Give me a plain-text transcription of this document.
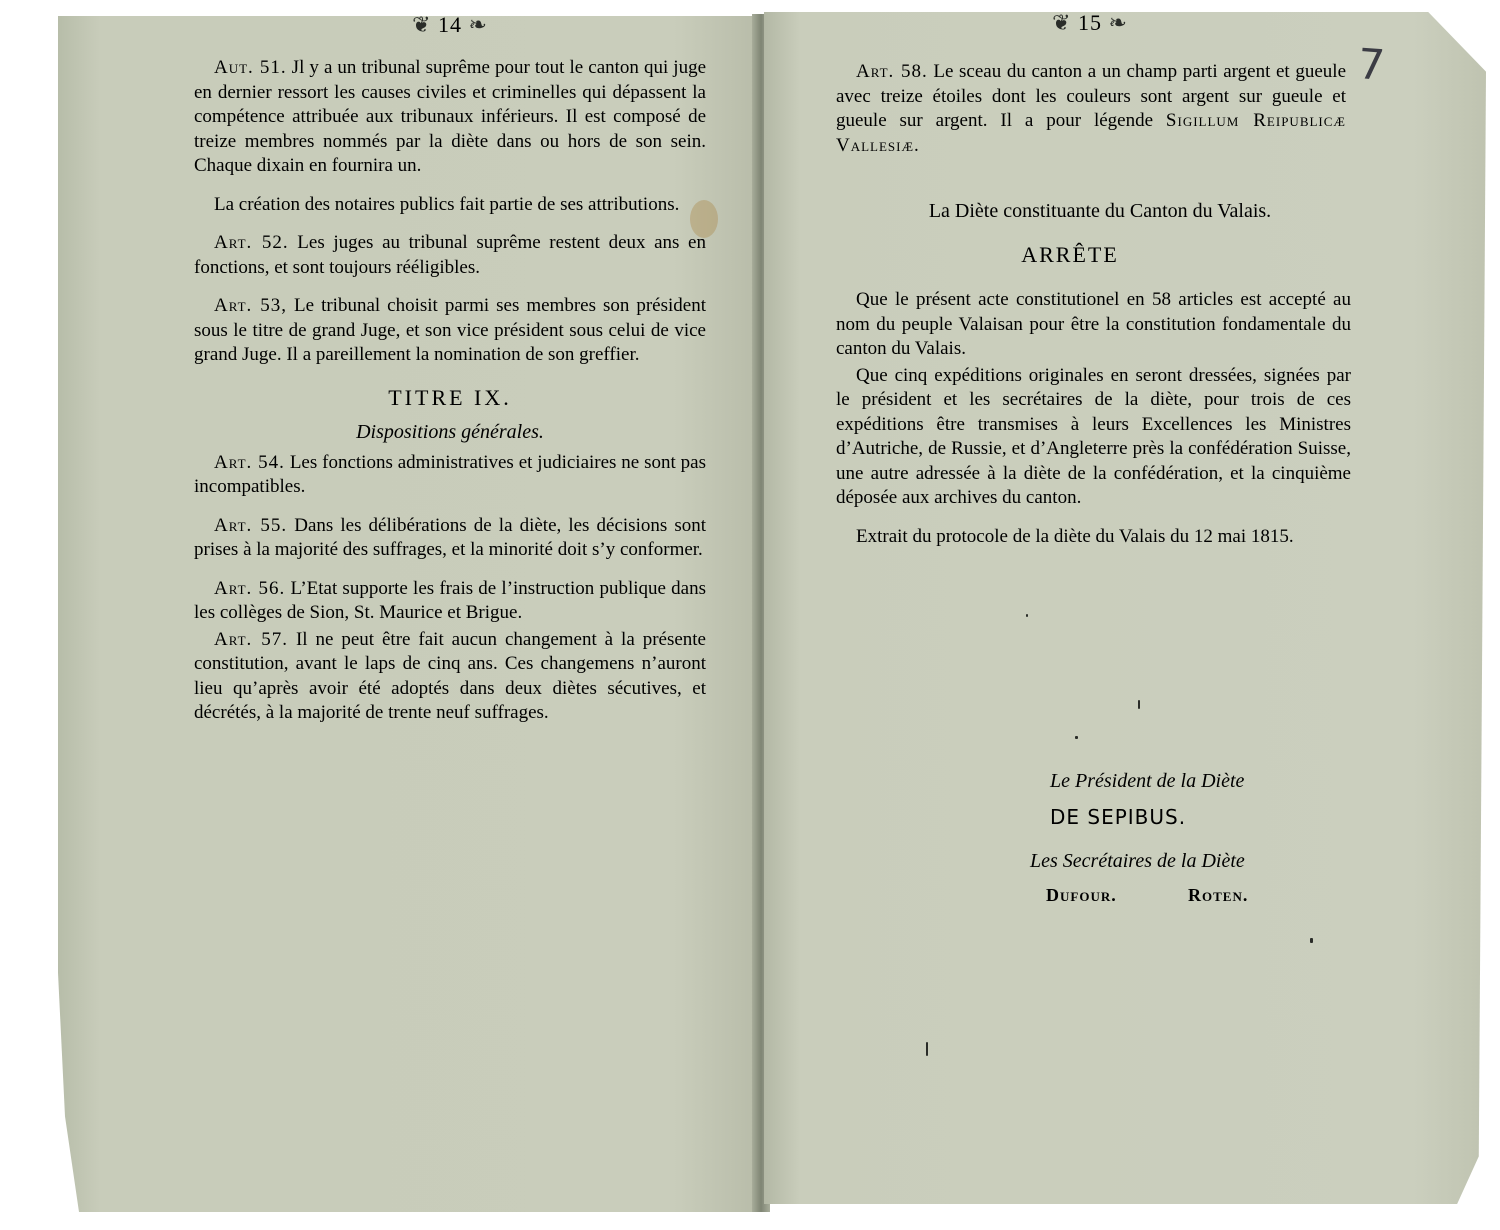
❦ 14 ❧

Aut. 51. Jl y a un tribunal suprême pour tout le canton qui juge en dernier ressort les causes civiles et criminelles qui dépassent la compétence attribuée aux tribunaux inférieurs. Il est composé de treize membres nommés par la diète dans ou hors de son sein. Chaque dixain en fournira un.

La création des notaires publics fait partie de ses attributions.

Art. 52. Les juges au tribunal suprême restent deux ans en fonctions, et sont toujours rééligibles.

Art. 53, Le tribunal choisit parmi ses membres son président sous le titre de grand Juge, et son vice président sous celui de vice grand Juge. Il a pareillement la nomination de son greffier.

TITRE IX.
Dispositions générales.

Art. 54. Les fonctions administratives et judiciaires ne sont pas incompatibles.

Art. 55. Dans les délibérations de la diète, les décisions sont prises à la majorité des suffrages, et la minorité doit s’y conformer.

Art. 56. L’Etat supporte les frais de l’instruction publique dans les collèges de Sion, St. Maurice et Brigue.

Art. 57. Il ne peut être fait aucun changement à la présente constitution, avant le laps de cinq ans. Ces changemens n’auront lieu qu’après avoir été adoptés dans deux diètes sécutives, et décrétés, à la majorité de trente neuf suffrages.

❦ 15 ❧
7

Art. 58. Le sceau du canton a un champ parti argent et gueule avec treize étoiles dont les couleurs sont argent sur gueule et gueule sur argent. Il a pour légende Sigillum Reipublicæ Vallesiæ.

La Diète constituante du Canton du Valais.
ARRÊTE

Que le présent acte constitutionel en 58 articles est accepté au nom du peuple Valaisan pour être la constitution fondamentale du canton du Valais.

Que cinq expéditions originales en seront dressées, signées par le président et les secrétaires de la diète, pour trois de ces expéditions être transmises à leurs Excellences les Ministres d’Autriche, de Russie, et d’Angleterre près la confédération Suisse, une autre adressée à la diète de la confédération, et la cinquième déposée aux archives du canton.

Extrait du protocole de la diète du Valais du 12 mai 1815.

Le Président de la Diète
DE SEPIBUS.
Les Secrétaires de la Diète
Dufour.	Roten.
